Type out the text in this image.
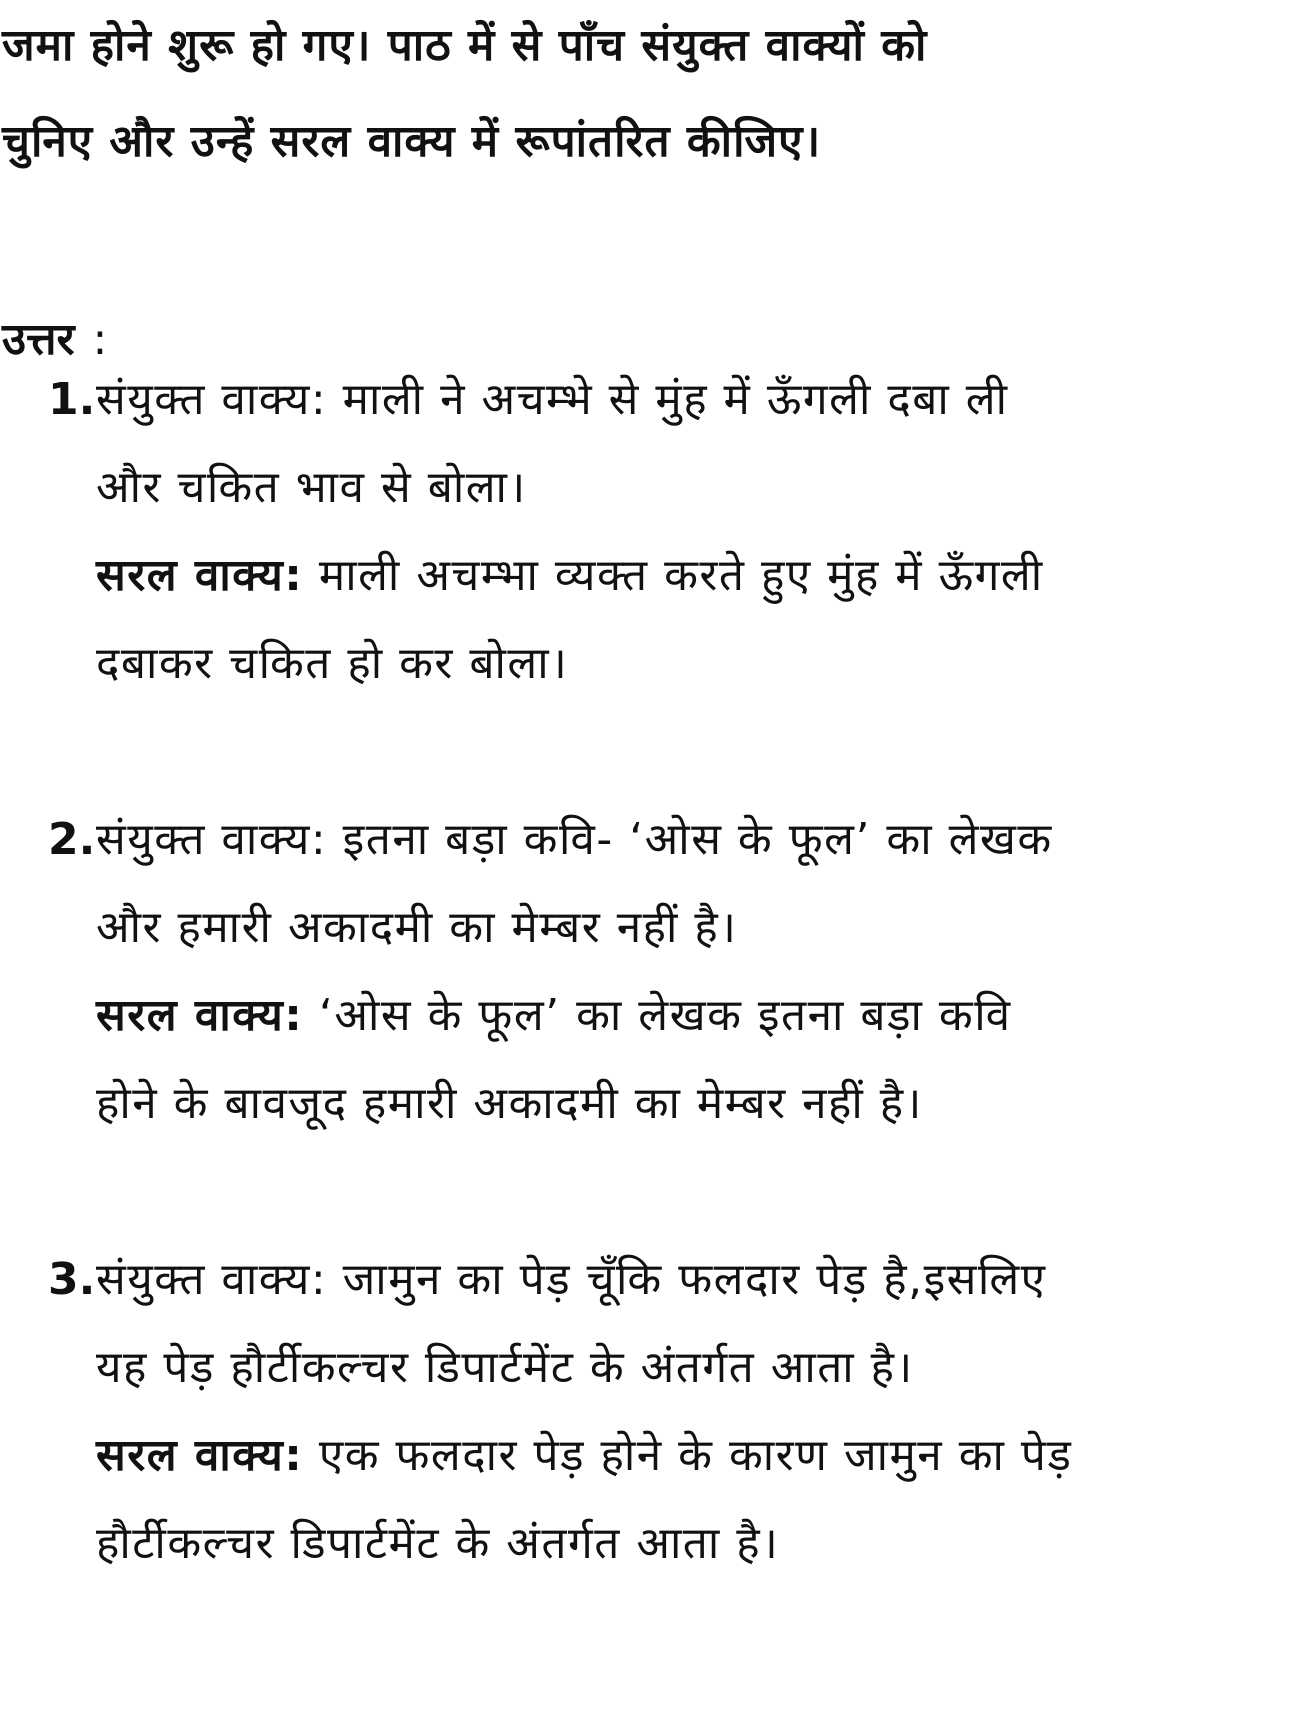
जमा होने शुरू हो गए। पाठ में से पाँच संयुक्त वाक्यों को
चुनिए और उन्हें सरल वाक्य में रूपांतरित कीजिए।
उत्तर :
1. संयुक्त वाक्य: माली ने अचम्भे से मुंह में ऊँगली दबा ली
और चकित भाव से बोला।
सरल वाक्य: माली अचम्भा व्यक्त करते हुए मुंह में ऊँगली
दबाकर चकित हो कर बोला।
2. संयुक्त वाक्य: इतना बड़ा कवि- ‘ओस के फूल’ का लेखक
और हमारी अकादमी का मेम्बर नहीं है।
सरल वाक्य: ‘ओस के फूल’ का लेखक इतना बड़ा कवि
होने के बावजूद हमारी अकादमी का मेम्बर नहीं है।
3. संयुक्त वाक्य: जामुन का पेड़ चूँकि फलदार पेड़ है,इसलिए
यह पेड़ हौर्टीकल्चर डिपार्टमेंट के अंतर्गत आता है।
सरल वाक्य: एक फलदार पेड़ होने के कारण जामुन का पेड़
हौर्टीकल्चर डिपार्टमेंट के अंतर्गत आता है।
